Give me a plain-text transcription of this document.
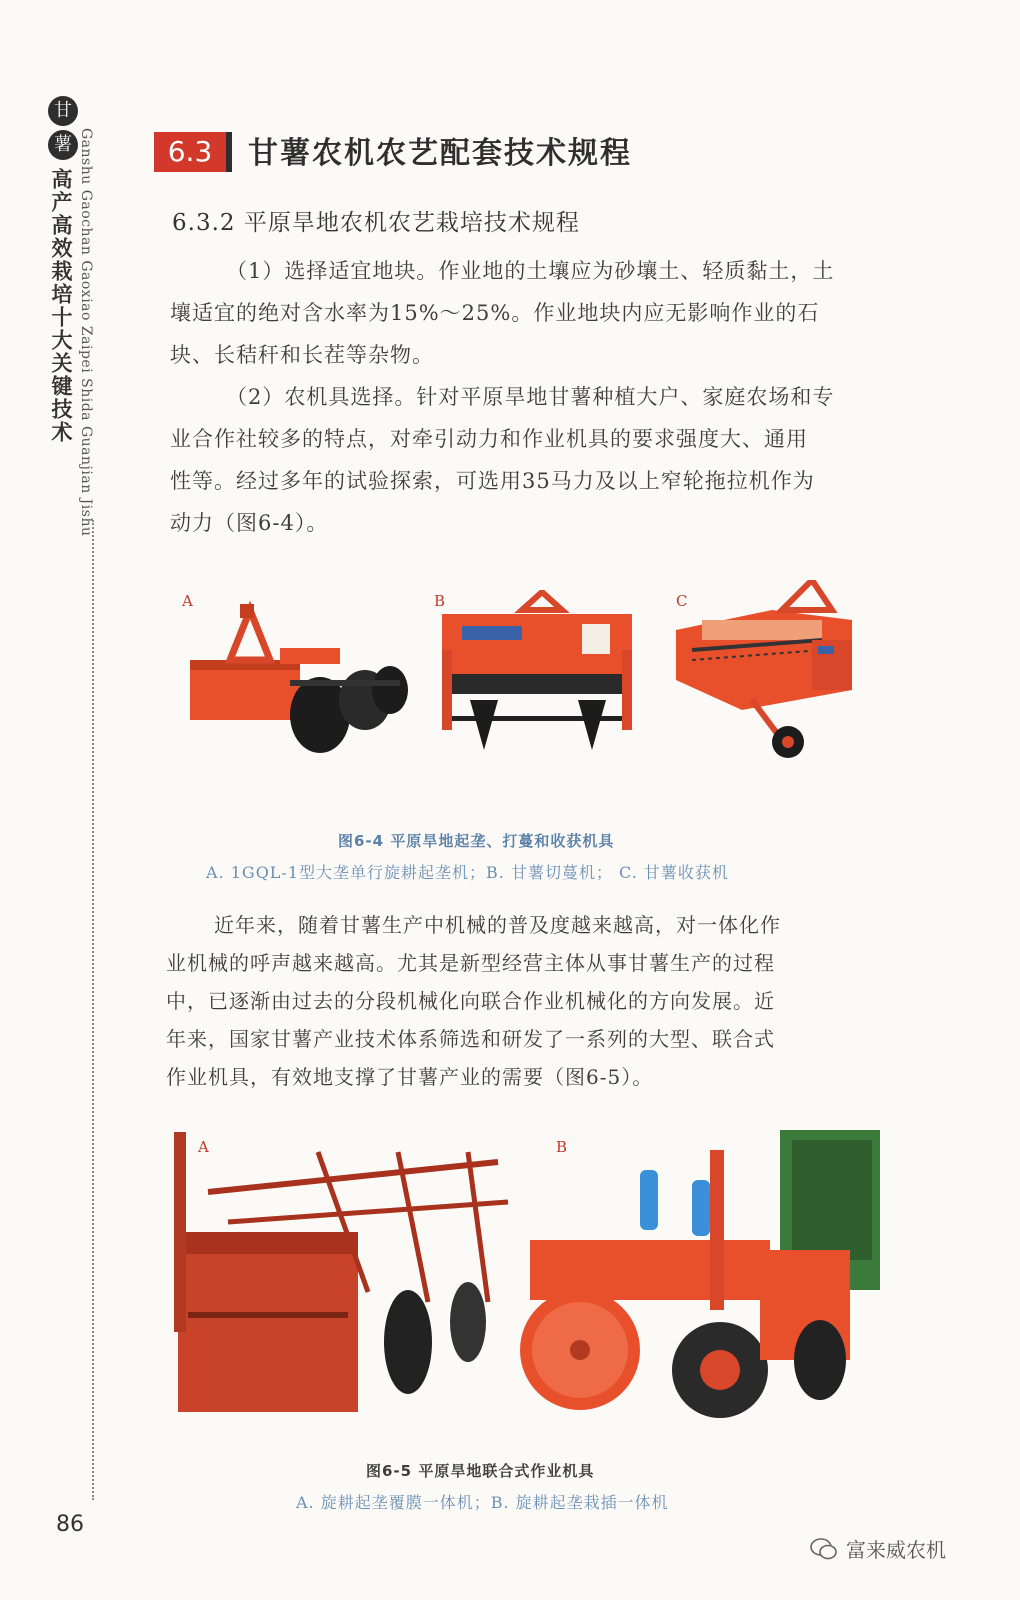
甘
薯
高产高效栽培十大关键技术 Ganshu Gaochan Gaoxiao Zaipei Shida Guanjian Jishu	6.3	甘薯农机农艺配套技术规程
6.3.2 平原旱地农机农艺栽培技术规程
（1）选择适宜地块。作业地的土壤应为砂壤土、轻质黏土，土
壤适宜的绝对含水率为15%～25%。作业地块内应无影响作业的石
块、长秸秆和长茬等杂物。
（2）农机具选择。针对平原旱地甘薯种植大户、家庭农场和专
业合作社较多的特点，对牵引动力和作业机具的要求强度大、通用
性等。经过多年的试验探索，可选用35马力及以上窄轮拖拉机作为
动力（图6-4）。
A	B	C
图6-4 平原旱地起垄、打蔓和收获机具
A. 1GQL-1型大垄单行旋耕起垄机；B. 甘薯切蔓机； C. 甘薯收获机
近年来，随着甘薯生产中机械的普及度越来越高，对一体化作
业机械的呼声越来越高。尤其是新型经营主体从事甘薯生产的过程
中，已逐渐由过去的分段机械化向联合作业机械化的方向发展。近
年来，国家甘薯产业技术体系筛选和研发了一系列的大型、联合式
作业机具，有效地支撑了甘薯产业的需要（图6-5）。
A	B
图6-5 平原旱地联合式作业机具
A. 旋耕起垄覆膜一体机；B. 旋耕起垄栽插一体机
86
富来威农机
